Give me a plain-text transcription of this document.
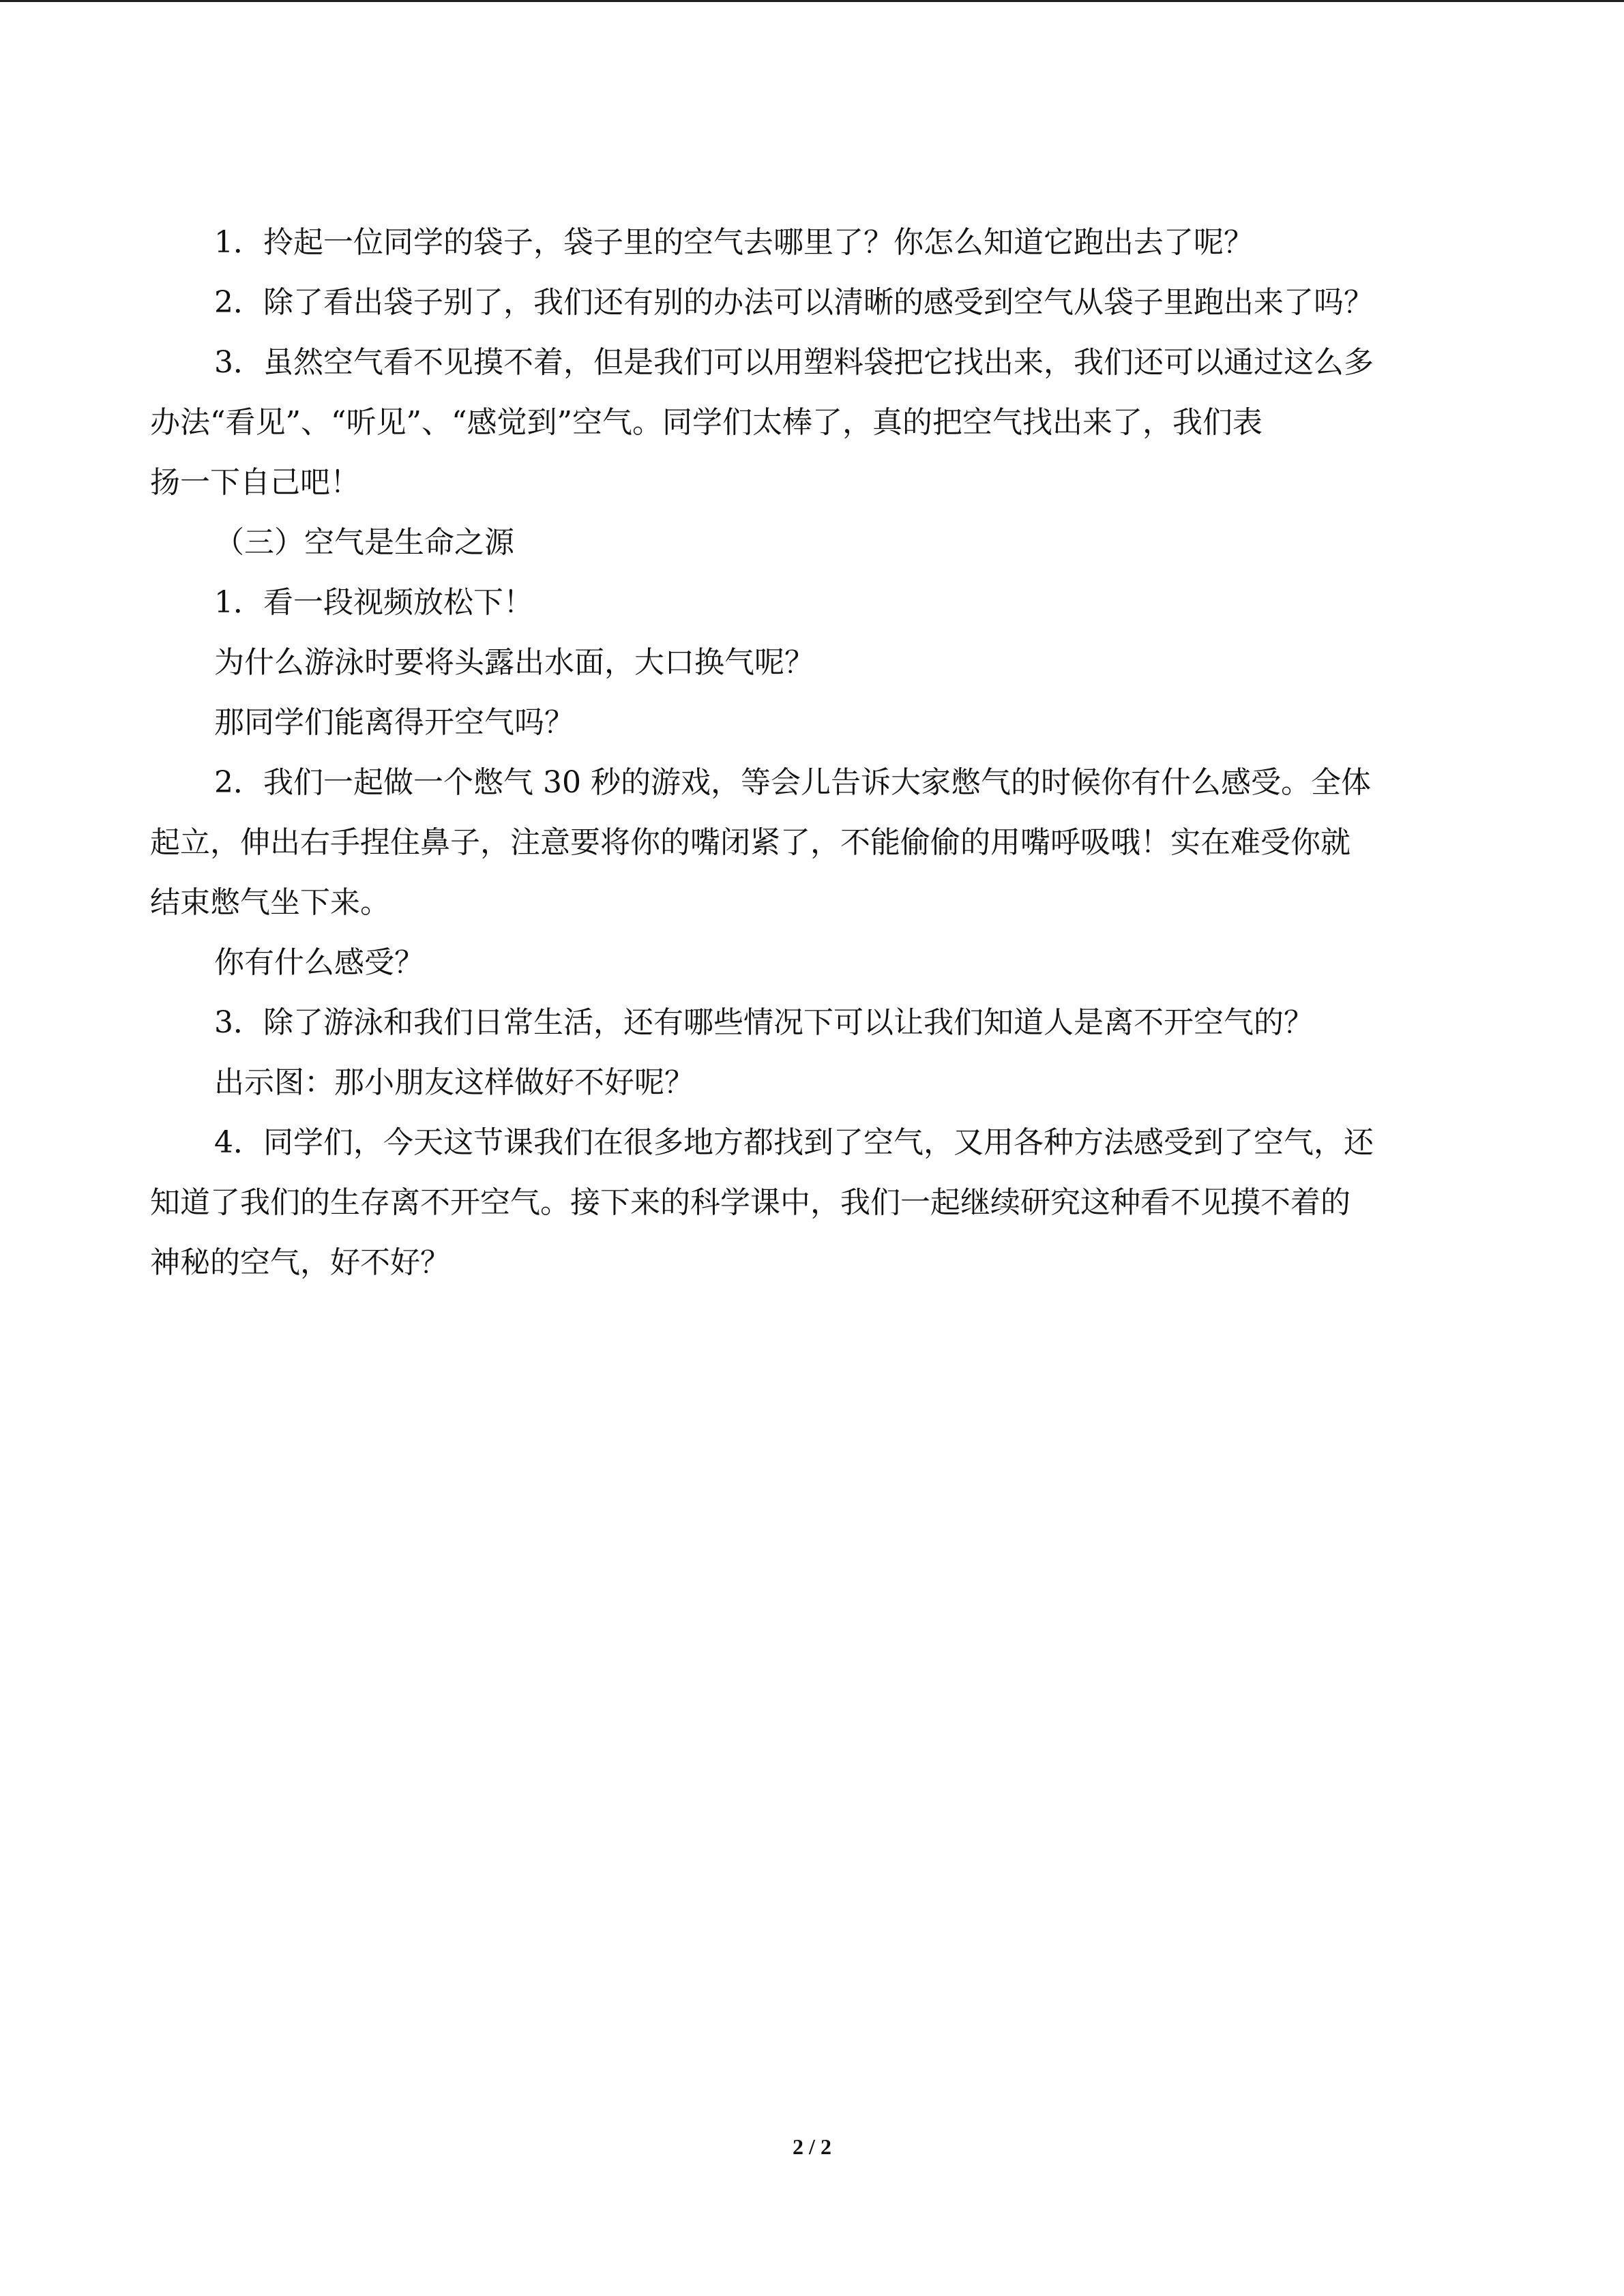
1．拎起一位同学的袋子，袋子里的空气去哪里了？你怎么知道它跑出去了呢？

2．除了看出袋子别了，我们还有别的办法可以清晰的感受到空气从袋子里跑出来了吗？

3．虽然空气看不见摸不着，但是我们可以用塑料袋把它找出来，我们还可以通过这么多

办法“看见”、“听见”、“感觉到”空气。同学们太棒了，真的把空气找出来了，我们表

扬一下自己吧！

（三）空气是生命之源

1．看一段视频放松下！

为什么游泳时要将头露出水面，大口换气呢？

那同学们能离得开空气吗？

2．我们一起做一个憋气 30 秒的游戏，等会儿告诉大家憋气的时候你有什么感受。全体

起立，伸出右手捏住鼻子，注意要将你的嘴闭紧了，不能偷偷的用嘴呼吸哦！实在难受你就

结束憋气坐下来。

你有什么感受？

3．除了游泳和我们日常生活，还有哪些情况下可以让我们知道人是离不开空气的？

出示图：那小朋友这样做好不好呢？

4．同学们，今天这节课我们在很多地方都找到了空气，又用各种方法感受到了空气，还

知道了我们的生存离不开空气。接下来的科学课中，我们一起继续研究这种看不见摸不着的

神秘的空气，好不好？

2 / 2
